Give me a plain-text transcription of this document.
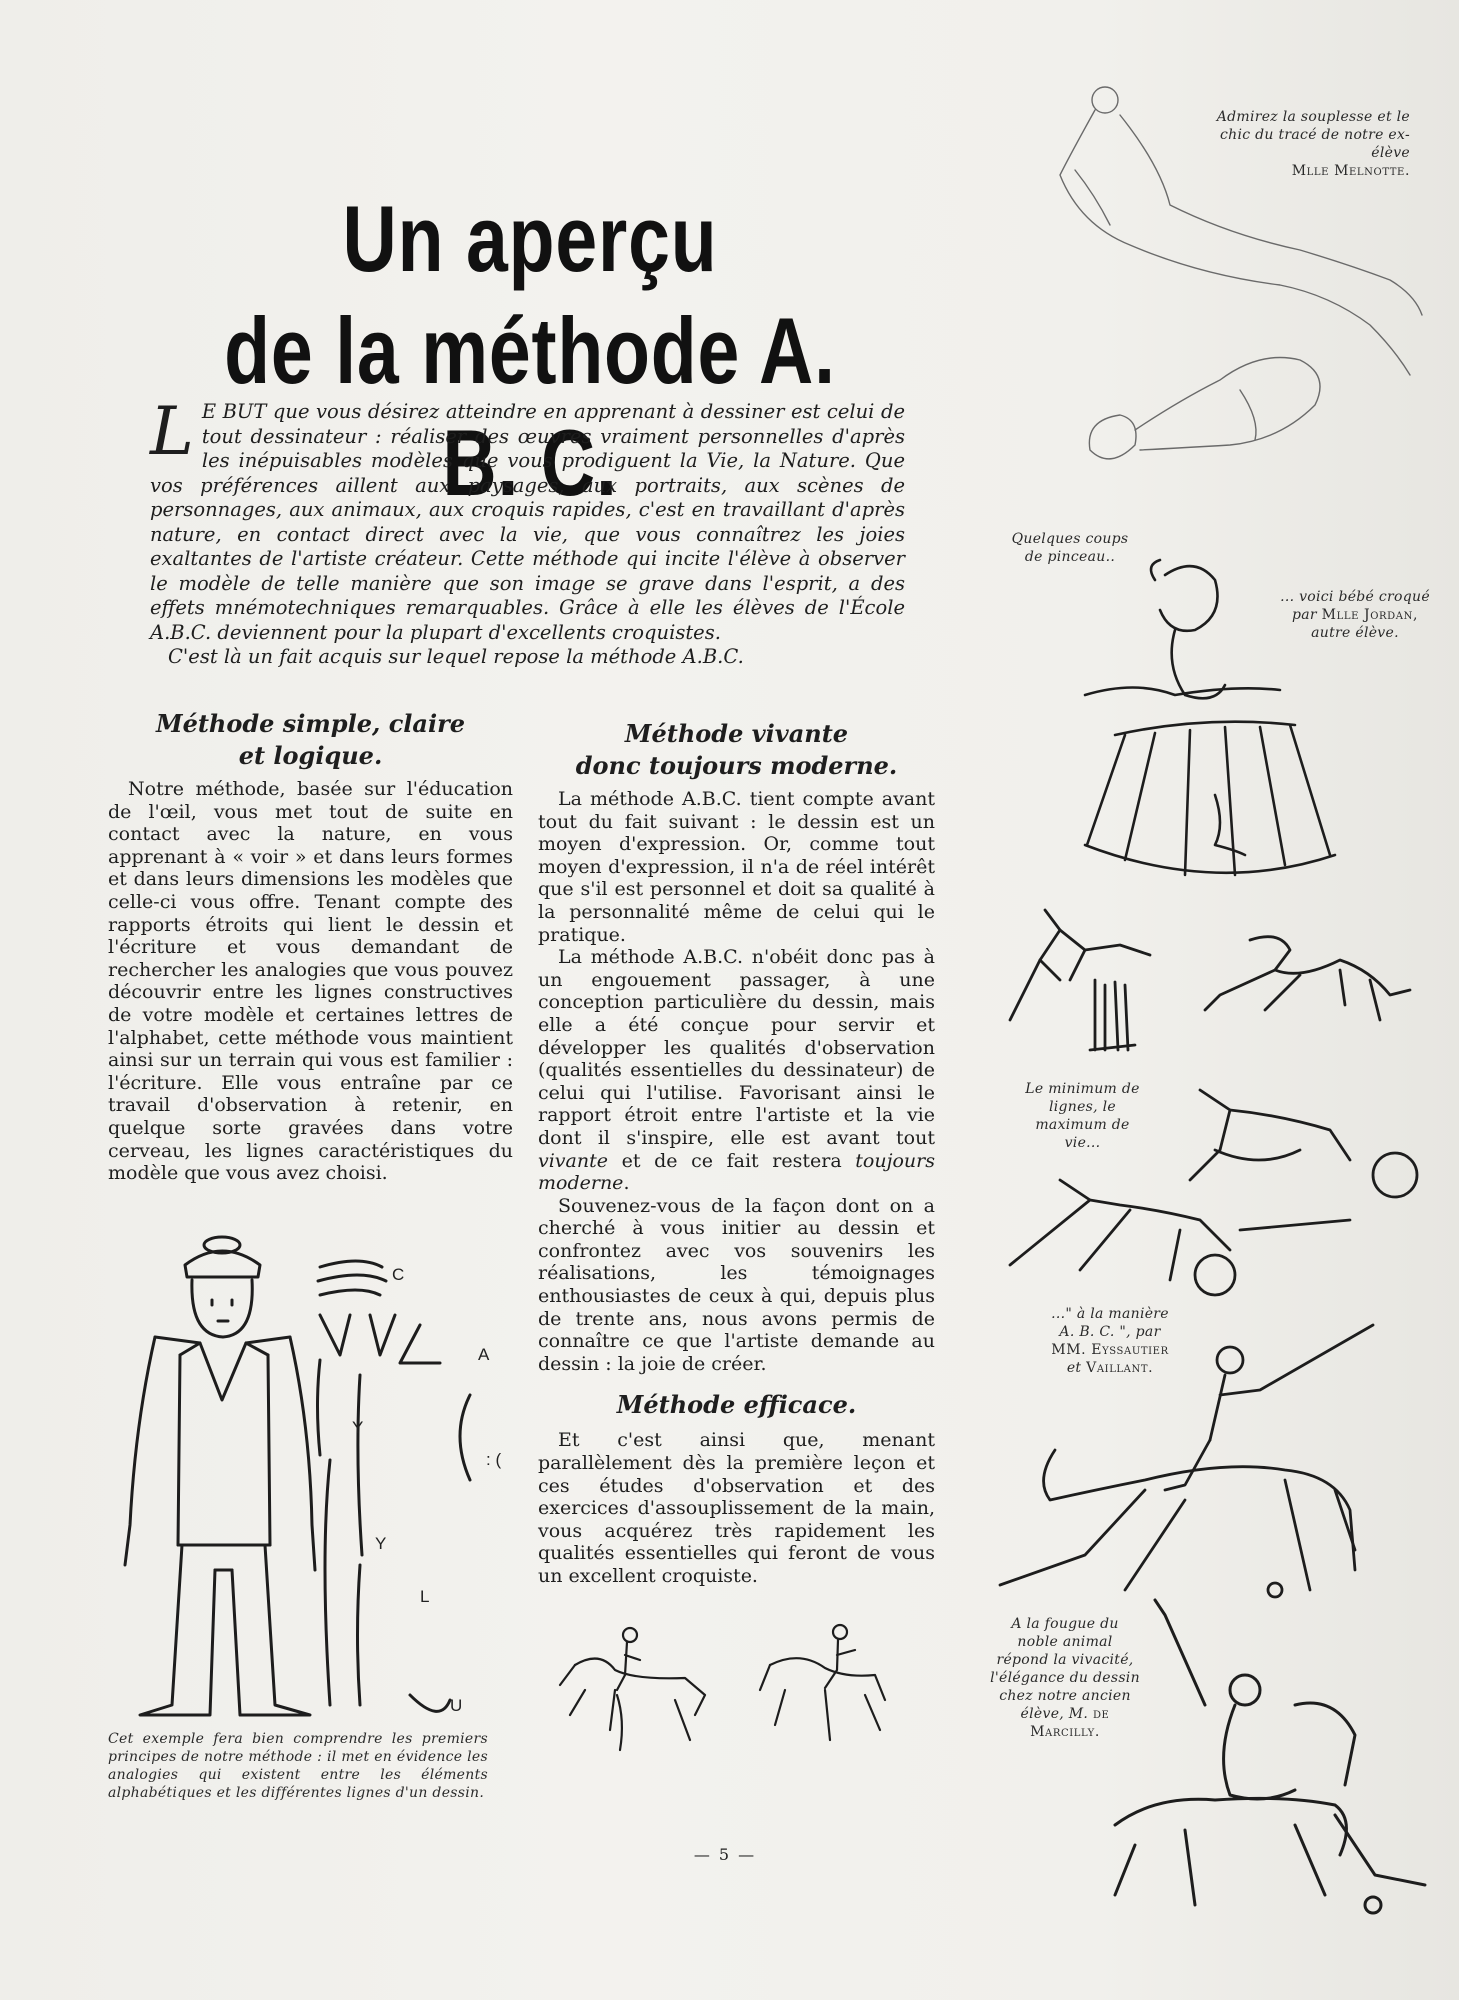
Un aperçu
de la méthode A. B. C.
L E BUT que vous désirez atteindre en apprenant à dessiner est celui de tout dessinateur : réaliser des œuvres vraiment personnelles d'après les inépuisables modèles que vous prodiguent la Vie, la Nature. Que vos préférences aillent aux paysages, aux portraits, aux scènes de personnages, aux animaux, aux croquis rapides, c'est en travaillant d'après nature, en contact direct avec la vie, que vous connaîtrez les joies exaltantes de l'artiste créateur. Cette méthode qui incite l'élève à observer le modèle de telle manière que son image se grave dans l'esprit, a des effets mnémotechniques remarquables. Grâce à elle les élèves de l'École A.B.C. deviennent pour la plupart d'excellents croquistes.

C'est là un fait acquis sur lequel repose la méthode A.B.C.

Méthode simple, claire
et logique.

Notre méthode, basée sur l'éducation de l'œil, vous met tout de suite en contact avec la nature, en vous apprenant à « voir » et dans leurs formes et dans leurs dimensions les modèles que celle-ci vous offre. Tenant compte des rapports étroits qui lient le dessin et l'écriture et vous demandant de rechercher les analogies que vous pouvez découvrir entre les lignes constructives de votre modèle et certaines lettres de l'alphabet, cette méthode vous maintient ainsi sur un terrain qui vous est familier : l'écriture. Elle vous entraîne par ce travail d'observation à retenir, en quelque sorte gravées dans votre cerveau, les lignes caractéristiques du modèle que vous avez choisi.

Méthode vivante
donc toujours moderne.

La méthode A.B.C. tient compte avant tout du fait suivant : le dessin est un moyen d'expression. Or, comme tout moyen d'expression, il n'a de réel intérêt que s'il est personnel et doit sa qualité à la personnalité même de celui qui le pratique.

La méthode A.B.C. n'obéit donc pas à un engouement passager, à une conception particulière du dessin, mais elle a été conçue pour servir et développer les qualités d'observation (qualités essentielles du dessinateur) de celui qui l'utilise. Favorisant ainsi le rapport étroit entre l'artiste et la vie dont il s'inspire, elle est avant tout vivante et de ce fait restera toujours moderne.

Souvenez-vous de la façon dont on a cherché à vous initier au dessin et confrontez avec vos souvenirs les réalisations, les témoignages enthousiastes de ceux à qui, depuis plus de trente ans, nous avons permis de connaître ce que l'artiste demande au dessin : la joie de créer.

Méthode efficace.

Et c'est ainsi que, menant parallèlement dès la première leçon et ces études d'observation et des exercices d'assouplissement de la main, vous acquérez très rapidement les qualités essentielles qui feront de vous un excellent croquiste.

C
A
Y
: (
Y
L
U
Cet exemple fera bien comprendre les premiers principes de notre méthode : il met en évidence les analogies qui existent entre les éléments alphabétiques et les différentes lignes d'un dessin.
Admirez la souplesse et le chic du tracé de notre ex-élève
Mlle Melnotte.
Quelques coups de pinceau..
... voici bébé croqué par Mlle Jordan,
autre élève.
Le minimum de lignes, le maximum de vie...
..." à la manière A. B. C. ", par
MM. Eyssautier
et Vaillant.
A la fougue du noble animal répond la vivacité, l'élégance du dessin chez notre ancien élève, M. de Marcilly.
— 5 —
